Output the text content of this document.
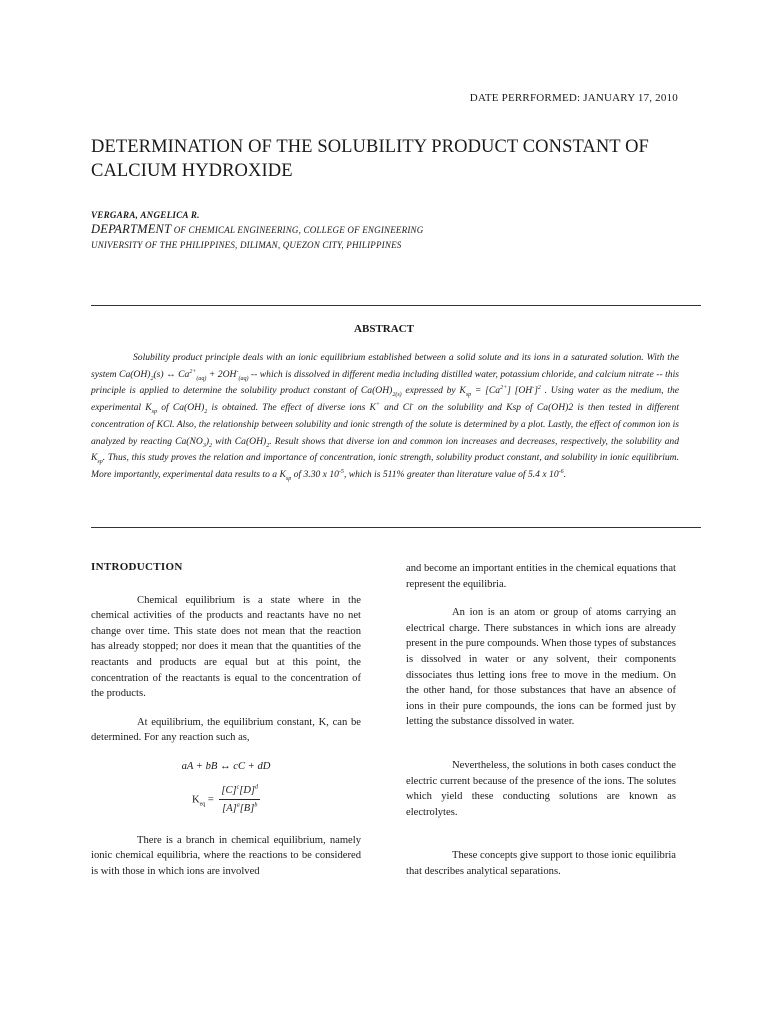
DATE PERRFORMED: JANUARY 17, 2010
DETERMINATION OF THE SOLUBILITY PRODUCT CONSTANT OF CALCIUM HYDROXIDE
VERGARA, ANGELICA R.
DEPARTMENT OF CHEMICAL ENGINEERING, COLLEGE OF ENGINEERING
UNIVERSITY OF THE PHILIPPINES, DILIMAN, QUEZON CITY, PHILIPPINES
ABSTRACT

Solubility product principle deals with an ionic equilibrium established between a solid solute and its ions in a saturated solution. With the system $Ca(OH)_2(s)$ ↔ $Ca^{2+}_{(aq)} + 2OH^-_{(aq)}$ -- which is dissolved in different media including distilled water, potassium chloride, and calcium nitrate -- this principle is applied to determine the solubility product constant of $Ca(OH)_{2(s)}$ expressed by $K_{sp} = [Ca^{2+}]$ $[OH^-]^2$ . Using water as the medium, the experimental $K_{sp}$ of $Ca(OH)_2$ is obtained. The effect of diverse ions K+ and Cl- on the solubility and Ksp of Ca(OH)2 is then tested in different concentration of KCl. Also, the relationship between solubility and ionic strength of the solute is determined by a plot. Lastly, the effect of common ion is analyzed by reacting $Ca(NO_3)_2$ with $Ca(OH)_2$. Result shows that diverse ion and common ion increases and decreases, respectively, the solubility and $K_{sp}$. Thus, this study proves the relation and importance of concentration, ionic strength, solubility product constant, and solubility in ionic equilibrium. More importantly, experimental data results to a $K_{sp}$ of 3.30 x $10^{-5}$, which is 511% greater than literature value of 5.4 x $10^{-6}$.

INTRODUCTION

Chemical equilibrium is a state where in the chemical activities of the products and reactants have no net change over time. This state does not mean that the reaction has already stopped; nor does it mean that the quantities of the reactants and products are equal but at this point, the concentration of the reactants is equal to the concentration of the products.

At equilibrium, the equilibrium constant, K, can be determined. For any reaction such as,

aA + bB ↔ cC + dD

$K_{eq} = \frac{[C]^c[D]^d}{[A]^a[B]^b}$

There is a branch in chemical equilibrium, namely ionic chemical equilibria, where the reactions to be considered is with those in which ions are involved

and become an important entities in the chemical equations that represent the equilibria.

An ion is an atom or group of atoms carrying an electrical charge. There substances in which ions are already present in the pure compounds. When those types of substances is dissolved in water or any solvent, their components dissociates thus letting ions free to move in the medium. On the other hand, for those substances that have an absence of ions in their pure compounds, the ions can be formed just by letting the substance dissolved in water.

Nevertheless, the solutions in both cases conduct the electric current because of the presence of the ions. The solutes which yield these conducting solutions are known as electrolytes.

These concepts give support to those ionic equilibria that describes analytical separations.
